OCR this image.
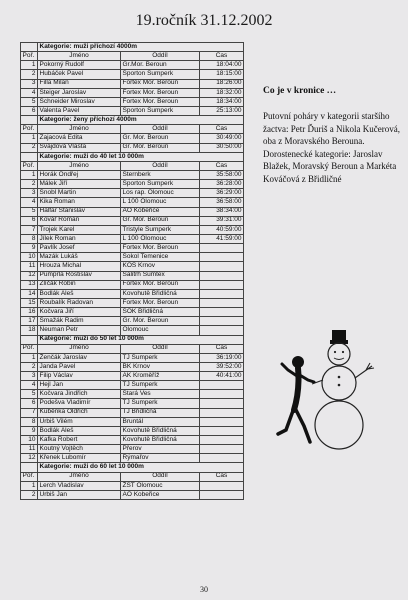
19.ročník 31.12.2002
	Kategorie: muži příchozí 4000m		
Poř.	Jméno	Oddíl	Čas
1	Pokorný Rudolf	Gr.Mor. Beroun	18:04:00
2	Hubáček Pavel	Sporton Šumperk	18:15:00
3	Filla Milan	Fortex Mor. Beroun	18:26:00
4	Steiger Jaroslav	Fortex Mor. Beroun	18:32:00
5	Schneider Miroslav	Fortex Mor. Beroun	18:34:00
6	Valenta Pavel	Sporton Šumperk	25:13:00
	Kategorie: ženy příchozí 4000m		
Poř.	Jméno	Oddíl	Čas
1	Zajacová Edita	Gr. Mor. Beroun	30:49:00
2	Švajdová Vlasta	Gr. Mor. Beroun	30:50:00
	Kategorie: muži do 40 let 10 000m		
Poř.	Jméno	Oddíl	Čas
1	Horák Ondřej	Šternberk	35:58:00
2	Málek Jiří	Sporton Šumperk	36:28:00
3	Šnobl Martin	Los rap. Olomouc	36:29:00
4	Kika Roman	L 100 Olomouc	36:58:00
5	Halfar Stanislav	AO Kobeřice	38:34:00
6	Kovář Roman	Gr. Mor. Beroun	39:31:00
7	Trojek Karel	Tristyle Šumperk	40:59:00
8	Jílek Roman	L 100 Olomouc	41:59:00
9	Pavlík Josef	Fortex Mor. Beroun	
10	Mazák Lukáš	Sokol Temenice	
11	Hrouza Michal	KOS Krnov	
12	Pumprla Rostislav	Salitrh Šumtex	
13	Zlíčák Robin	Fortex Mor. Beroun	
14	Bodlák Aleš	Kovohutě Břidličná	
15	Roubalík Radovan	Fortex Mor. Beroun	
16	Kočvara Jiří	SOK Břidličná	
17	Smažák Radim	Gr. Mor. Beroun	
18	Neuman Petr	Olomouc	
	Kategorie: muži do 50 let 10 000m		
Poř.	Jméno	Oddíl	Čas
1	Ženčák Jaroslav	TJ Šumperk	36:19:00
2	Janda Pavel	BK Krnov	39:52:00
3	Filip Václav	AK Kroměříž	40:41:00
4	Hejl Jan	TJ Šumperk	
5	Kočvara Jindřich	Stará Ves	
6	Podešva Vladimír	TJ Šumperk	
7	Kuběnka Oldřich	TJ Břidličná	
8	Urbiš Vilém	Bruntál	
9	Bodlák Aleš	Kovohutě Břidličná	
10	Kafka Robert	Kovohutě Břidličná	
11	Koutný Vojtěch	Přerov	
12	Křenek Lubomír	Rýmařov	
	Kategorie: muži do 60 let 10 000m		
Poř.	Jméno	Oddíl	Čas
1	Lerch Vladislav	ŽST Olomouc	
2	Urbiš Jan	AO Kobeřice	
Co je v kronice …
Putovní poháry v kategorii staršího žactva: Petr Ďuriš a Nikola Kučerová, oba z Moravského Berouna. Dorostenecké kategorie: Jaroslav Blažek, Moravský Beroun a Markéta Kováčová z Břidličné
30
